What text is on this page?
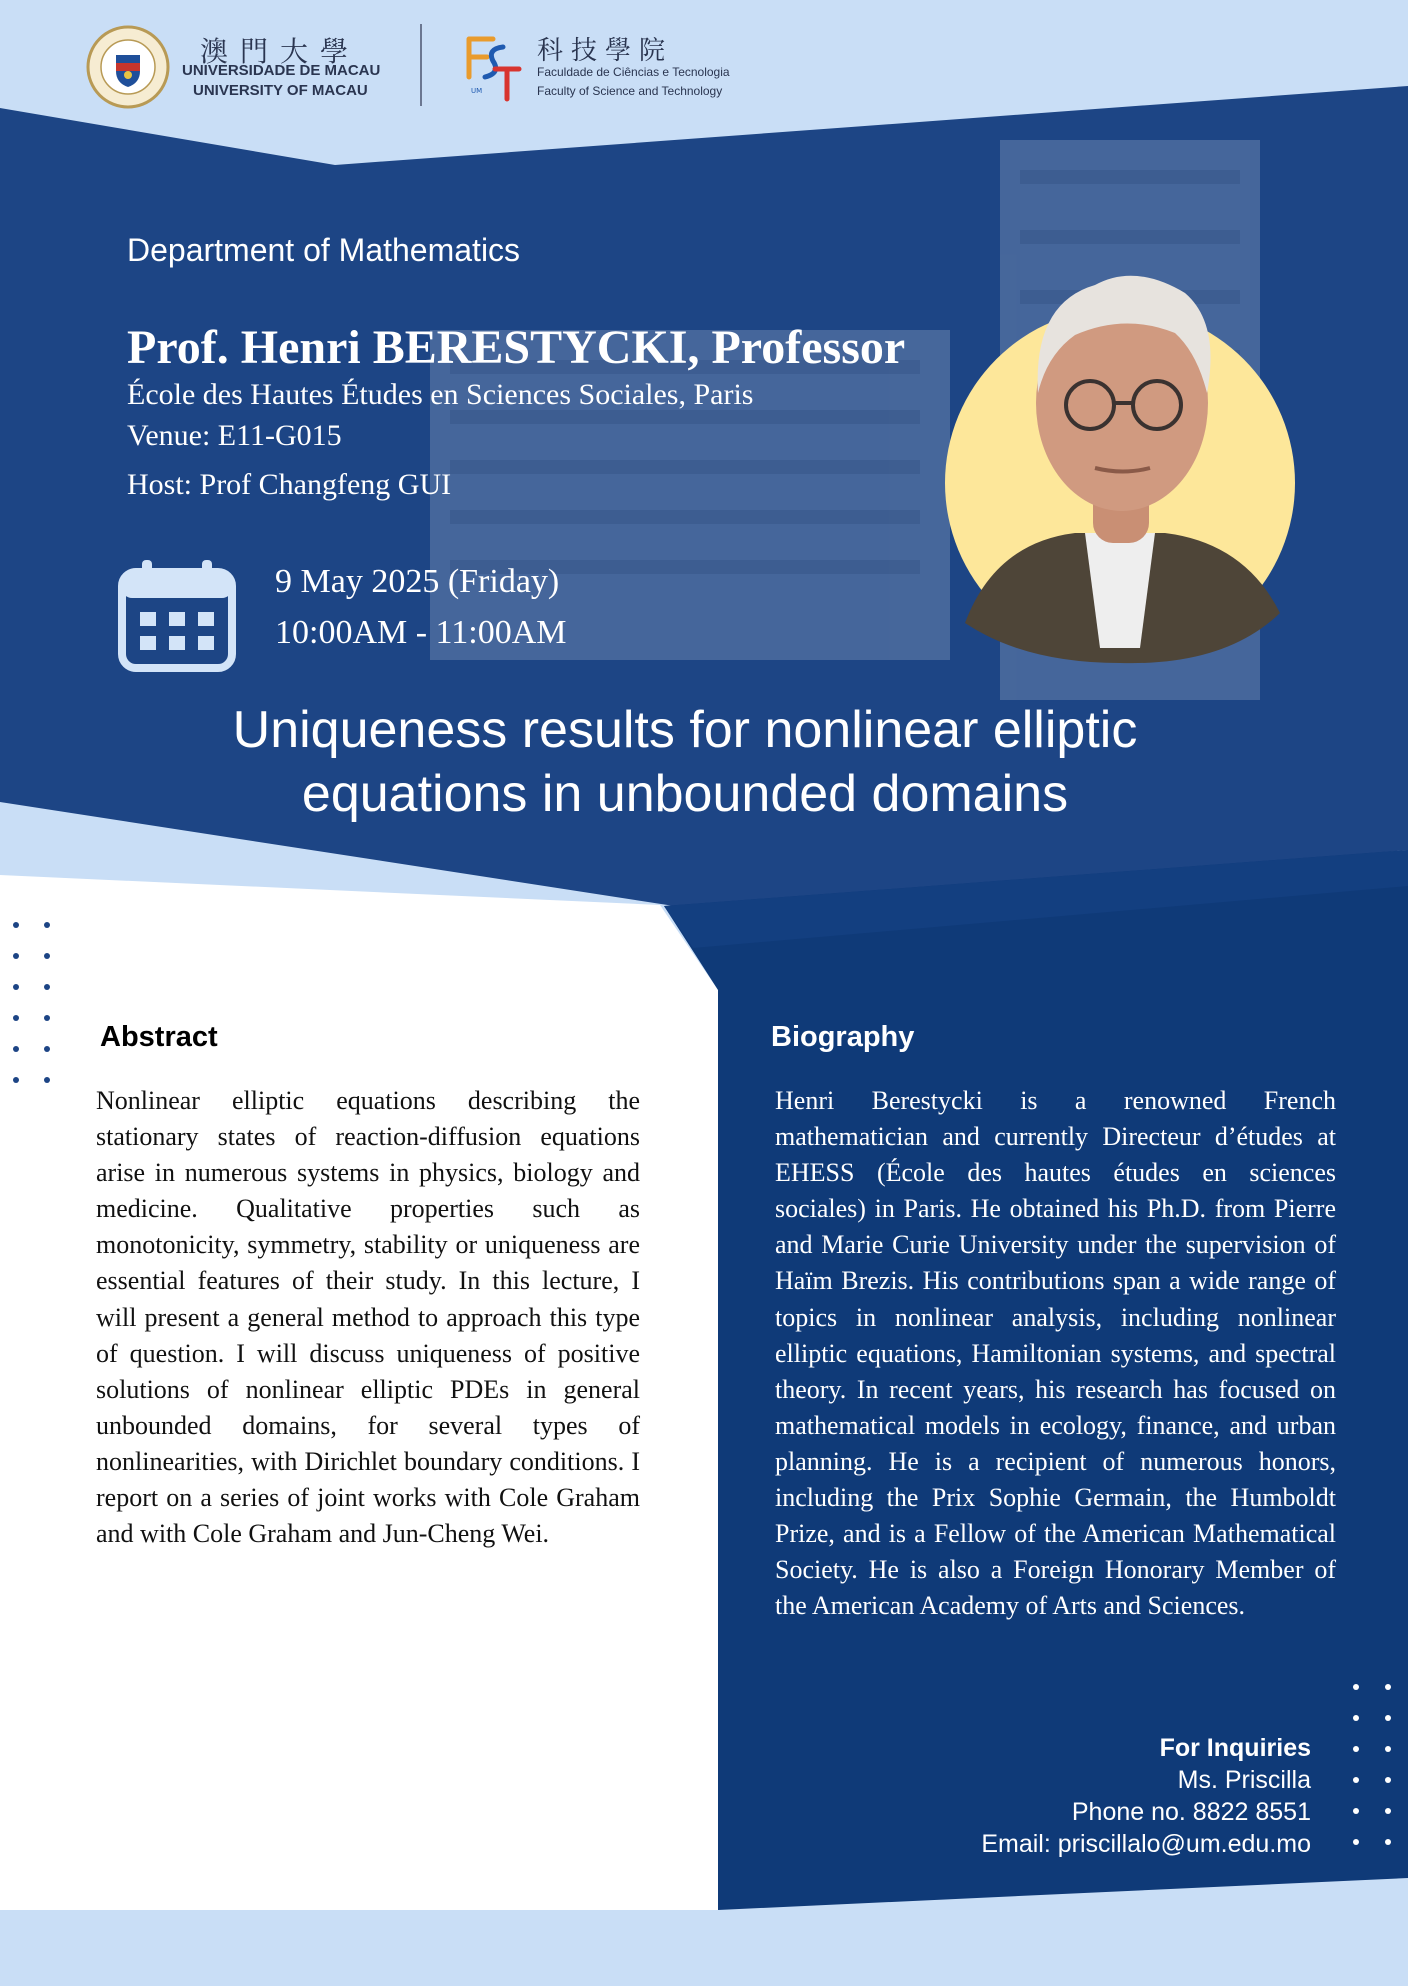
澳門大學
UNIVERSIDADE DE MACAU
UNIVERSITY OF MACAU	UM
科技學院
Faculdade de Ciências e Tecnologia
Faculty of Science and Technology
Department of Mathematics
Prof. Henri BERESTYCKI, Professor
École des Hautes Études en Sciences Sociales, Paris
Venue: E11-G015
Host: Prof Changfeng GUI
9 May 2025 (Friday)
10:00AM - 11:00AM
Uniqueness results for nonlinear elliptic
equations in unbounded domains
Abstract
Nonlinear elliptic equations describing the stationary states of reaction-diffusion equations arise in numerous systems in physics, biology and medicine. Qualitative properties such as monotonicity, symmetry, stability or uniqueness are essential features of their study. In this lecture, I will present a general method to approach this type of question. I will discuss uniqueness of positive solutions of nonlinear elliptic PDEs in general unbounded domains, for several types of nonlinearities, with Dirichlet boundary conditions. I report on a series of joint works with Cole Graham and with Cole Graham and Jun-Cheng Wei.
Biography
Henri Berestycki is a renowned French mathematician and currently Directeur d’études at EHESS (École des hautes études en sciences sociales) in Paris. He obtained his Ph.D. from Pierre and Marie Curie University under the supervision of Haïm Brezis. His contributions span a wide range of topics in nonlinear analysis, including nonlinear elliptic equations, Hamiltonian systems, and spectral theory. In recent years, his research has focused on mathematical models in ecology, finance, and urban planning. He is a recipient of numerous honors, including the Prix Sophie Germain, the Humboldt Prize, and is a Fellow of the American Mathematical Society. He is also a Foreign Honorary Member of the American Academy of Arts and Sciences.
For Inquiries
Ms. Priscilla
Phone no. 8822 8551
Email: priscillalo@um.edu.mo
